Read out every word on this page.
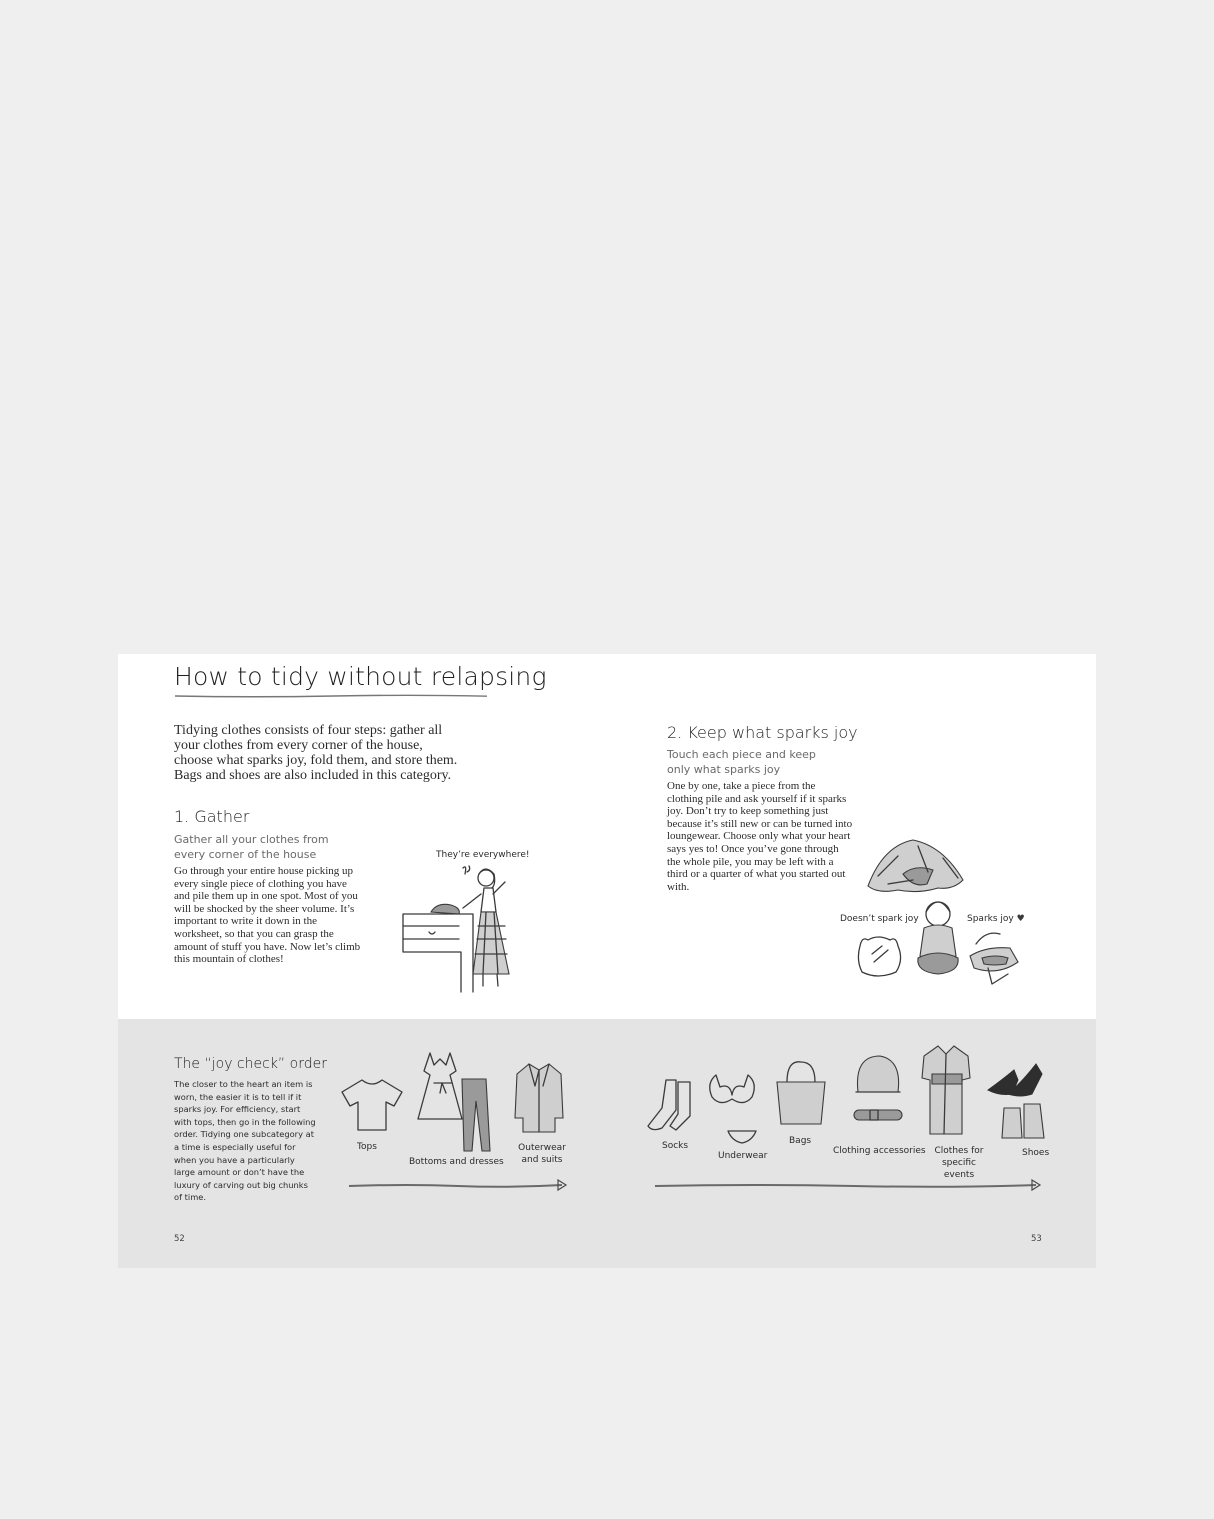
How to tidy without relapsing

Tidying clothes consists of four steps: gather all your clothes from every corner of the house, choose what sparks joy, fold them, and store them. Bags and shoes are also included in this category.

1. Gather

Gather all your clothes from every corner of the house

Go through your entire house picking up every single piece of clothing you have and pile them up in one spot. Most of you will be shocked by the sheer volume. It’s important to write it down in the worksheet, so that you can grasp the amount of stuff you have. Now let’s climb this mountain of clothes!

They’re everywhere!
2. Keep what sparks joy

Touch each piece and keep only what sparks joy

One by one, take a piece from the clothing pile and ask yourself if it sparks joy. Don’t try to keep something just because it’s still new or can be turned into loungewear. Choose only what your heart says yes to! Once you’ve gone through the whole pile, you may be left with a third or a quarter of what you started out with.

Doesn’t spark joy	Sparks joy ♥
The “joy check” order

The closer to the heart an item is worn, the easier it is to tell if it sparks joy. For efficiency, start with tops, then go in the following order. Tidying one subcategory at a time is especially useful for when you have a particularly large amount or don’t have the luxury of carving out big chunks of time.

Tops
Bottoms and dresses
Outerwear and suits
Socks
Underwear
Bags
Clothing accessories Clothes for specific events
Shoes
52	53
